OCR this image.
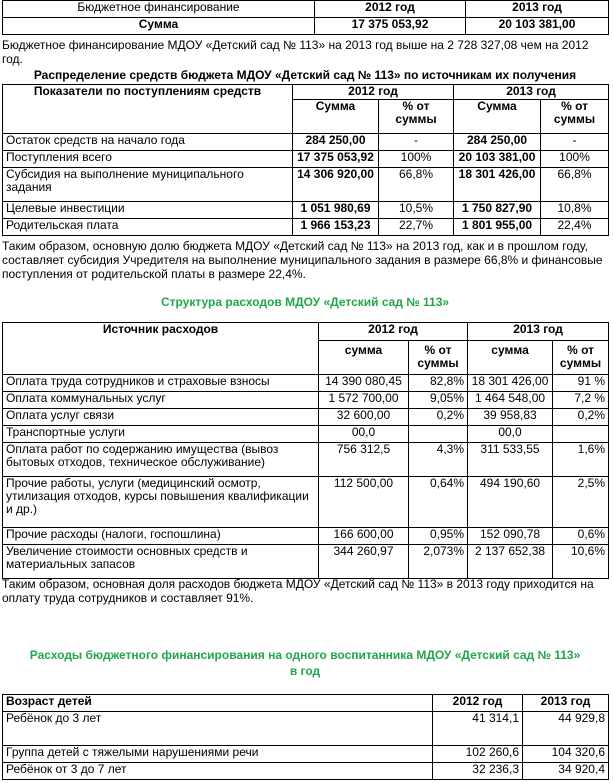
Бюджетное финансирование	2012 год	2013 год
Сумма	17 375 053,92	20 103 381,00

Бюджетное финансирование МДОУ «Детский сад № 113» на 2013 год выше на 2 728 327,08 чем на 2012 год.

Распределение средств бюджета МДОУ «Детский сад № 113» по источникам их получения

Показатели по поступлениям средств	2012 год		2013 год	
	Сумма	% от суммы	Сумма	% от суммы
Остаток средств на начало года	284 250,00	-	284 250,00	-
Поступления всего	17 375 053,92	100%	20 103 381,00	100%
Субсидия на выполнение муниципального задания	14 306 920,00	66,8%	18 301 426,00	66,8%
Целевые инвестиции	1 051 980,69	10,5%	1 750 827,90	10,8%
Родительская плата	1 966 153,23	22,7%	1 801 955,00	22,4%

Таким образом, основную долю бюджета МДОУ «Детский сад № 113» на 2013 год, как и в прошлом году, составляет субсидия Учредителя на выполнение муниципального задания в размере 66,8% и финансовые поступления от родительской платы в размере 22,4%.

Структура расходов МДОУ «Детский сад № 113»

Источник расходов	2012 год		2013 год	
	сумма	% от суммы	сумма	% от суммы
Оплата труда сотрудников и страховые взносы	14 390 080,45	82,8%	18 301 426,00	91 %
Оплата коммунальных услуг	1 572 700,00	9,05%	1 464 548,00	7,2 %
Оплата услуг связи	32 600,00	0,2%	39 958,83	0,2%
Транспортные услуги	00,0		00,0	
Оплата работ по содержанию имущества (вывоз бытовых отходов, техническое обслуживание)	756 312,5	4,3%	311 533,55	1,6%
Прочие работы, услуги (медицинский осмотр, утилизация отходов, курсы повышения квалификации и др.)	112 500,00	0,64%	494 190,60	2,5%
Прочие расходы (налоги, госпошлина)	166 600,00	0,95%	152 090,78	0,6%
Увеличение стоимости основных средств и материальных запасов	344 260,97	2,073%	2 137 652,38	10,6%

Таким образом, основная доля расходов бюджета МДОУ «Детский сад № 113» в 2013 году приходится на оплату труда сотрудников и составляет 91%.

Расходы бюджетного финансирования на одного воспитанника МДОУ «Детский сад № 113»

в год

Возраст детей	2012 год	2013 год
Ребёнок до 3 лет	41 314,1	44 929,8
Группа детей с тяжелыми нарушениями речи	102 260,6	104 320,6
Ребёнок от 3 до 7 лет	32 236,3	34 920,4
